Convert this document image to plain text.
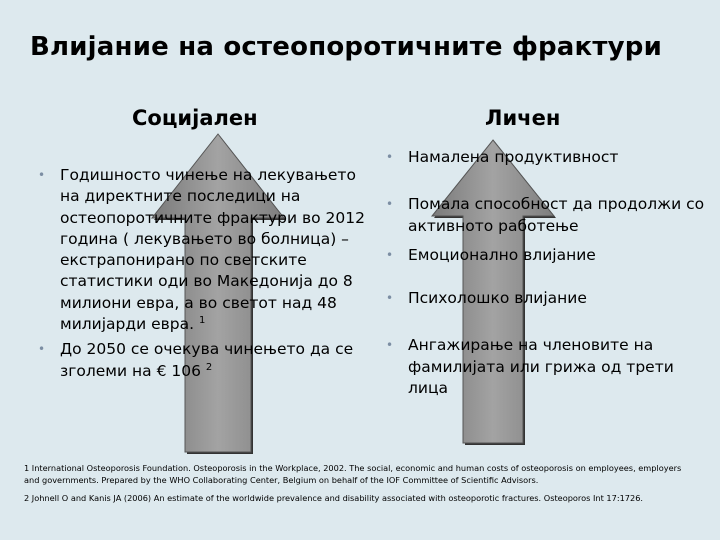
Влијание на остеопоротичните фрактури
Социјален	Личен
• Годишносто чинење на лекувањето на директните последици на остеопоротичните фрактури во 2012 година ( лекувањето во болница) – екстрапонирано по светските статистики оди во Македонија до 8 милиони евра, а во светот над 48 милијарди евра. $^1$
• До 2050 се очекува чинењето да се зголеми на € 106 $^2$
• Намалена продуктивност
• Помала способност да продолжи со активното работење
• Емоционално влијание
• Психолошко влијание
• Ангажирање на членовите на фамилијата или грижа од трети лица

1 International Osteoporosis Foundation. Osteoporosis in the Workplace, 2002. The social, economic and human costs of osteoporosis on employees, employers and governments. Prepared by the WHO Collaborating Center, Belgium on behalf of the IOF Committee of Scientific Advisors.

2 Johnell O and Kanis JA (2006) An estimate of the worldwide prevalence and disability associated with osteoporotic fractures. Osteoporos Int 17:1726.
